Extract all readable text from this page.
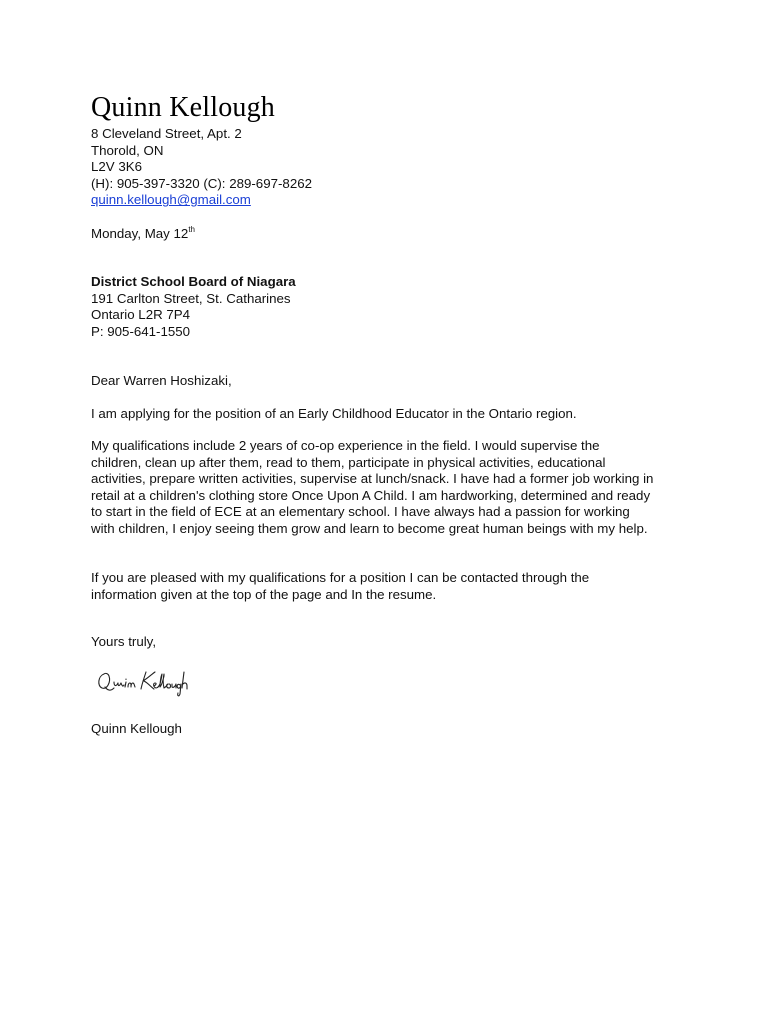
Quinn Kellough
8 Cleveland Street, Apt. 2
Thorold, ON
L2V 3K6
(H): 905-397-3320 (C): 289-697-8262
quinn.kellough@gmail.com
Monday, May 12th
District School Board of Niagara
191 Carlton Street, St. Catharines
Ontario L2R 7P4
P: 905-641-1550
Dear Warren Hoshizaki,
I am applying for the position of an Early Childhood Educator in the Ontario region.
My qualifications include 2 years of co-op experience in the field. I would supervise the
children, clean up after them, read to them, participate in physical activities, educational
activities, prepare written activities, supervise at lunch/snack. I have had a former job working in
retail at a children's clothing store Once Upon A Child. I am hardworking, determined and ready
to start in the field of ECE at an elementary school. I have always had a passion for working
with children, I enjoy seeing them grow and learn to become great human beings with my help.
If you are pleased with my qualifications for a position I can be contacted through the
information given at the top of the page and In the resume.
Yours truly,
Quinn Kellough
